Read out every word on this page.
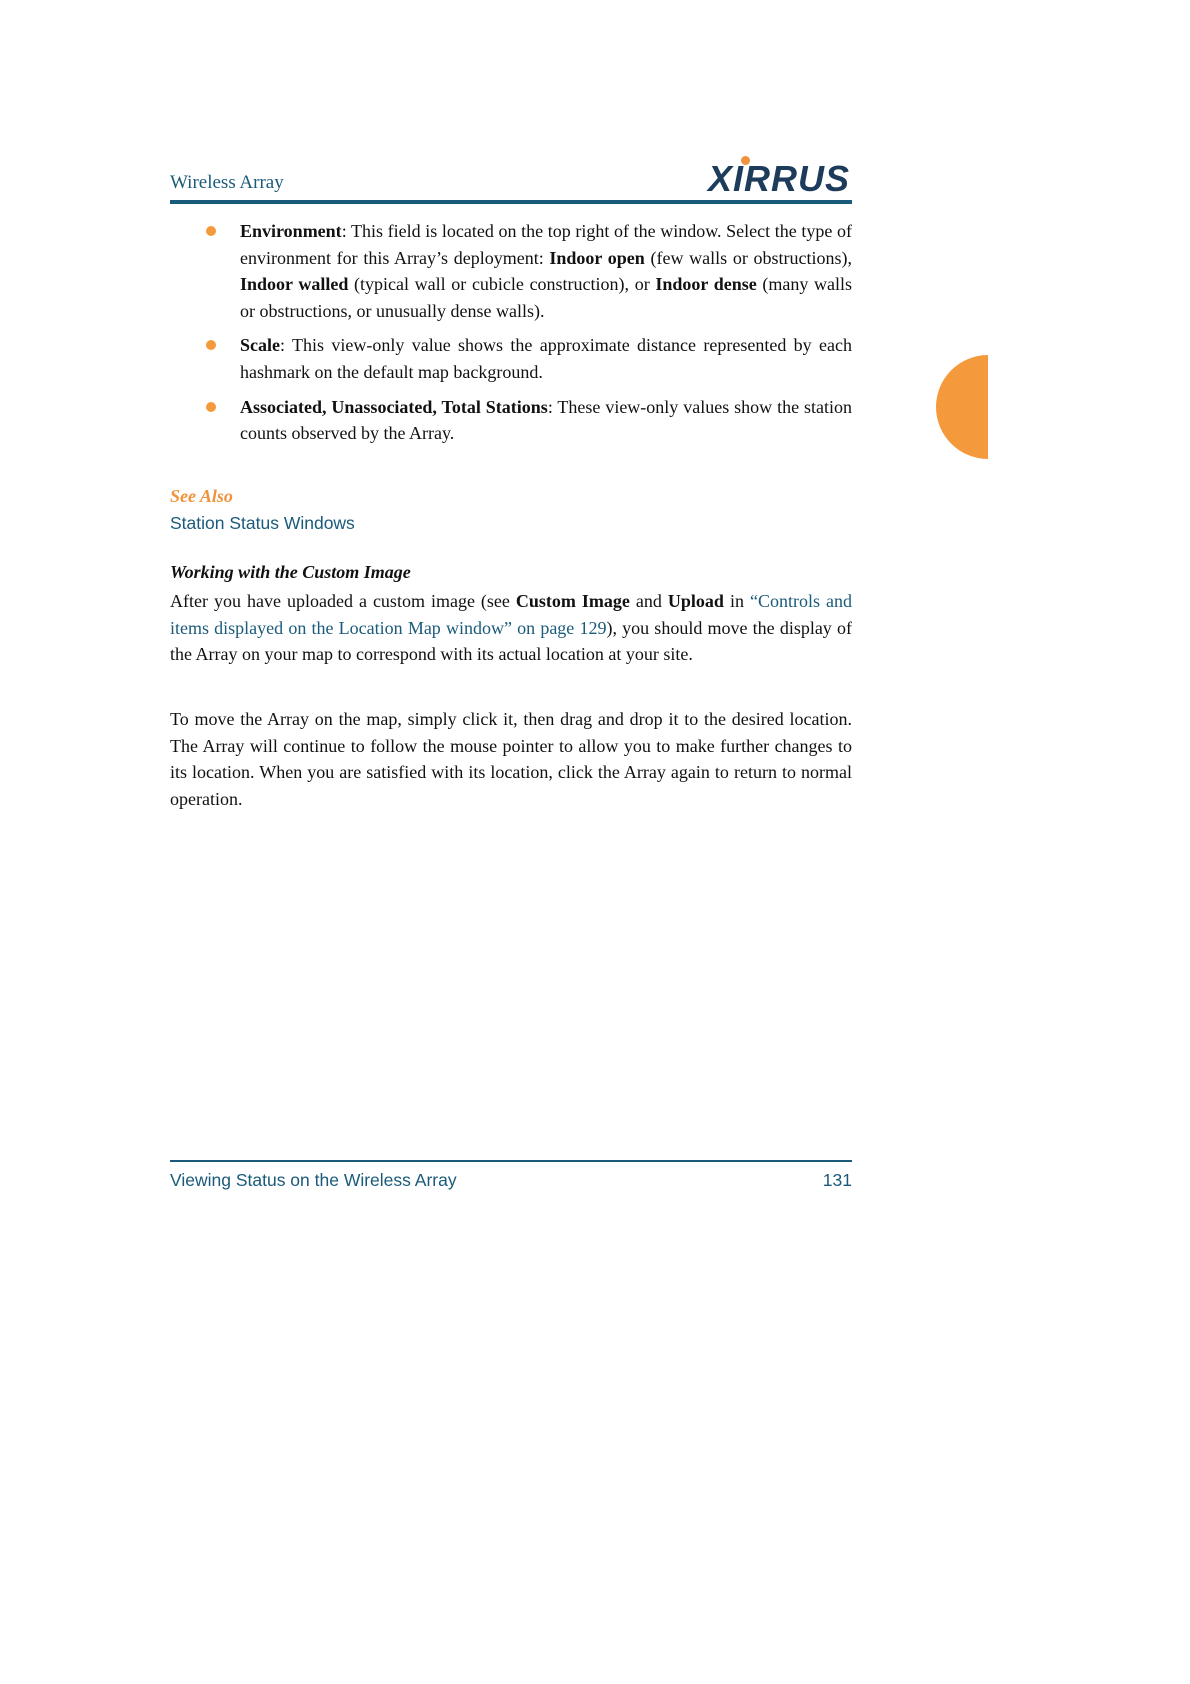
Wireless Array	XIRRUS
Environment: This field is located on the top right of the window. Select the type of environment for this Array’s deployment: Indoor open (few walls or obstructions), Indoor walled (typical wall or cubicle construction), or Indoor dense (many walls or obstructions, or unusually dense walls).
Scale: This view-only value shows the approximate distance represented by each hashmark on the default map background.
Associated, Unassociated, Total Stations: These view-only values show the station counts observed by the Array.
See Also
Station Status Windows
Working with the Custom Image

After you have uploaded a custom image (see Custom Image and Upload in “Controls and items displayed on the Location Map window” on page 129), you should move the display of the Array on your map to correspond with its actual location at your site.

To move the Array on the map, simply click it, then drag and drop it to the desired location. The Array will continue to follow the mouse pointer to allow you to make further changes to its location. When you are satisfied with its location, click the Array again to return to normal operation.

Viewing Status on the Wireless Array	131
